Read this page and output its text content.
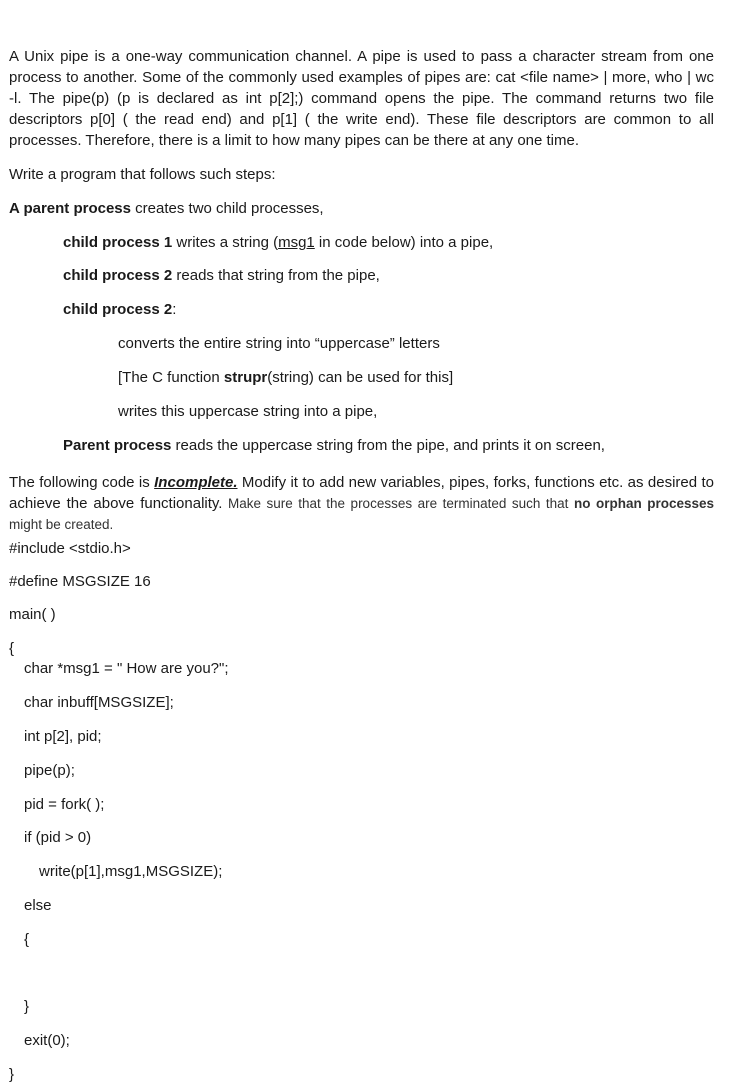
A Unix pipe is a one-way communication channel. A pipe is used to pass a character stream from one process to another. Some of the commonly used examples of pipes are: cat <file name> | more, who | wc -l. The pipe(p) (p is declared as int p[2];) command opens the pipe. The command returns two file descriptors p[0] ( the read end) and p[1] ( the write end). These file descriptors are common to all processes. Therefore, there is a limit to how many pipes can be there at any one time.

Write a program that follows such steps:

A parent process creates two child processes,

child process 1 writes a string (msg1 in code below) into a pipe,

child process 2 reads that string from the pipe,

child process 2:

converts the entire string into “uppercase” letters

[The C function strupr(string) can be used for this]

writes this uppercase string into a pipe,

Parent process reads the uppercase string from the pipe, and prints it on screen,

The following code is Incomplete. Modify it to add new variables, pipes, forks, functions etc. as desired to achieve the above functionality. Make sure that the processes are terminated such that no orphan processes might be created.

#include <stdio.h>
#define MSGSIZE 16
main( )
{
char *msg1 = " How are you?";
char inbuff[MSGSIZE];
int p[2], pid;
pipe(p);
pid = fork( );
if (pid > 0)
write(p[1],msg1,MSGSIZE);
else
{
}
exit(0);
}
